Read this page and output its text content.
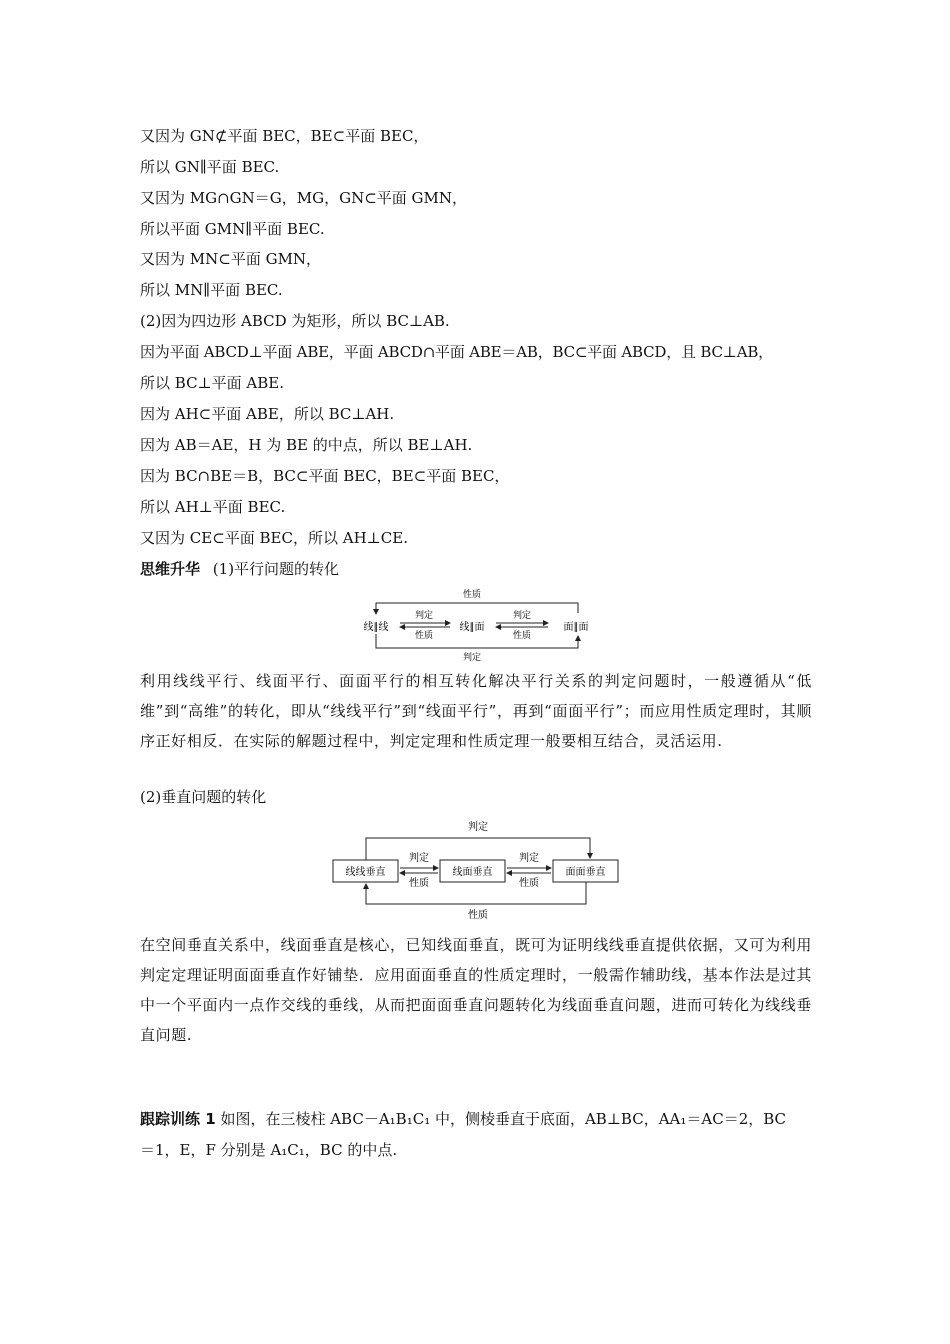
又因为 GN⊄平面 BEC，BE⊂平面 BEC，
所以 GN∥平面 BEC.
又因为 MG∩GN＝G，MG，GN⊂平面 GMN，
所以平面 GMN∥平面 BEC.
又因为 MN⊂平面 GMN，
所以 MN∥平面 BEC.
(2)因为四边形 ABCD 为矩形，所以 BC⊥AB.
因为平面 ABCD⊥平面 ABE，平面 ABCD∩平面 ABE＝AB，BC⊂平面 ABCD，且 BC⊥AB，
所以 BC⊥平面 ABE.
因为 AH⊂平面 ABE，所以 BC⊥AH.
因为 AB＝AE，H 为 BE 的中点，所以 BE⊥AH.
因为 BC∩BE＝B，BC⊂平面 BEC，BE⊂平面 BEC，
所以 AH⊥平面 BEC.
又因为 CE⊂平面 BEC，所以 AH⊥CE.
思维升华 (1)平行问题的转化
性质
线∥线	线∥面	面∥面
判定
性质
判定
性质
判定
利用线线平行、线面平行、面面平行的相互转化解决平行关系的判定问题时，一般遵循从“低维”到“高维”的转化，即从“线线平行”到“线面平行”，再到“面面平行”；而应用性质定理时，其顺序正好相反．在实际的解题过程中，判定定理和性质定理一般要相互结合，灵活运用.
(2)垂直问题的转化
判定
线线垂直	线面垂直	面面垂直
判定
性质
判定
性质
性质
在空间垂直关系中，线面垂直是核心，已知线面垂直，既可为证明线线垂直提供依据，又可为利用判定定理证明面面垂直作好铺垫．应用面面垂直的性质定理时，一般需作辅助线，基本作法是过其中一个平面内一点作交线的垂线，从而把面面垂直问题转化为线面垂直问题，进而可转化为线线垂直问题.
跟踪训练 1 如图，在三棱柱 ABC－A₁B₁C₁ 中，侧棱垂直于底面，AB⊥BC，AA₁＝AC＝2，BC
＝1，E，F 分别是 A₁C₁，BC 的中点.
